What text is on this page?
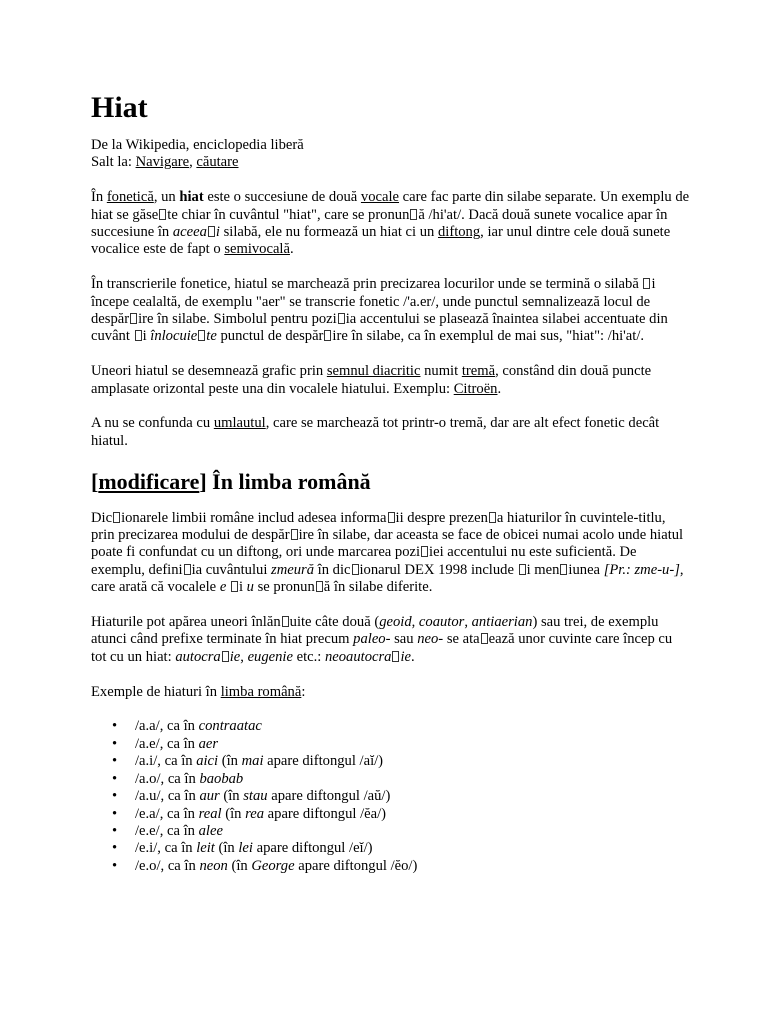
Hiat
De la Wikipedia, enciclopedia liberă
Salt la: Navigare, căutare

În fonetică, un hiat este o succesiune de două vocale care fac parte din silabe separate. Un exemplu de hiat se găse te chiar în cuvântul "hiat", care se pronun ă /hi'at/. Dacă două sunete vocalice apar în succesiune în aceea i silabă, ele nu formează un hiat ci un diftong, iar unul dintre cele două sunete vocalice este de fapt o semivocală.

În transcrierile fonetice, hiatul se marchează prin precizarea locurilor unde se termină o silabă i începe cealaltă, de exemplu "aer" se transcrie fonetic /'a.er/, unde punctul semnalizează locul de despăr ire în silabe. Simbolul pentru pozi ia accentului se plasează înaintea silabei accentuate din cuvânt i înlocuie te punctul de despăr ire în silabe, ca în exemplul de mai sus, "hiat": /hi'at/.

Uneori hiatul se desemnează grafic prin semnul diacritic numit tremă, constând din două puncte amplasate orizontal peste una din vocalele hiatului. Exemplu: Citroën.

A nu se confunda cu umlautul, care se marchează tot printr-o tremă, dar are alt efect fonetic decât hiatul.

[modificare] În limba română

Dic ionarele limbii române includ adesea informa ii despre prezen a hiaturilor în cuvintele-titlu, prin precizarea modului de despăr ire în silabe, dar aceasta se face de obicei numai acolo unde hiatul poate fi confundat cu un diftong, ori unde marcarea pozi iei accentului nu este suficientă. De exemplu, defini ia cuvântului zmeură în dic ionarul DEX 1998 include i men iunea [Pr.: zme-u-], care arată că vocalele e i u se pronun ă în silabe diferite.

Hiaturile pot apărea uneori înlăn uite câte două (geoid, coautor, antiaerian) sau trei, de exemplu atunci când prefixe terminate în hiat precum paleo- sau neo- se ata ează unor cuvinte care încep cu tot cu un hiat: autocra ie, eugenie etc.: neoautocra ie.

Exemple de hiaturi în limba română:

• /a.a/, ca în contraatac
• /a.e/, ca în aer
• /a.i/, ca în aici (în mai apare diftongul /aĭ/)
• /a.o/, ca în baobab
• /a.u/, ca în aur (în stau apare diftongul /aŭ/)
• /e.a/, ca în real (în rea apare diftongul /ĕa/)
• /e.e/, ca în alee
• /e.i/, ca în leit (în lei apare diftongul /eĭ/)
• /e.o/, ca în neon (în George apare diftongul /ĕo/)
